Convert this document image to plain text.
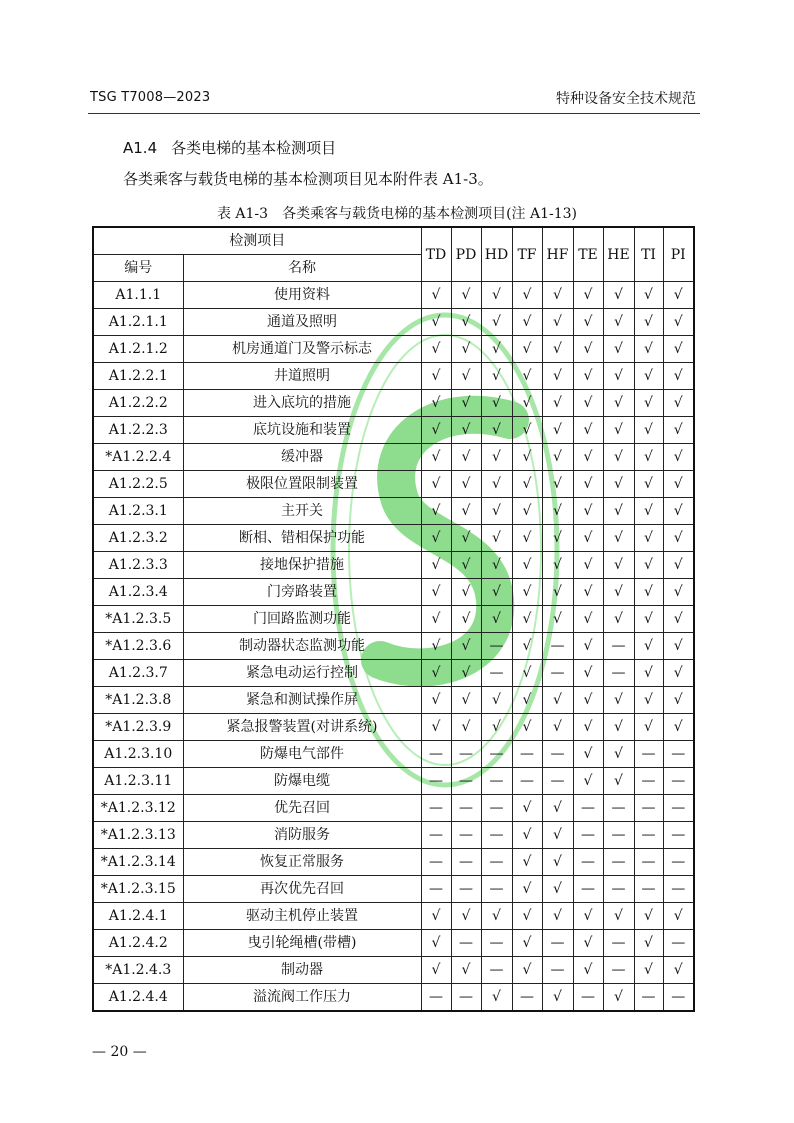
TSG T7008—2023	特种设备安全技术规范
A1.4 各类电梯的基本检测项目
各类乘客与载货电梯的基本检测项目见本附件表 A1-3。
表 A1-3　各类乘客与载货电梯的基本检测项目(注 A1-13)
检测项目		TD	PD	HD	TF	HF	TE	HE	TI	PI
编号	名称									
A1.1.1	使用资料	√	√	√	√	√	√	√	√	√
A1.2.1.1	通道及照明	√	√	√	√	√	√	√	√	√
A1.2.1.2	机房通道门及警示标志	√	√	√	√	√	√	√	√	√
A1.2.2.1	井道照明	√	√	√	√	√	√	√	√	√
A1.2.2.2	进入底坑的措施	√	√	√	√	√	√	√	√	√
A1.2.2.3	底坑设施和装置	√	√	√	√	√	√	√	√	√
*A1.2.2.4	缓冲器	√	√	√	√	√	√	√	√	√
A1.2.2.5	极限位置限制装置	√	√	√	√	√	√	√	√	√
A1.2.3.1	主开关	√	√	√	√	√	√	√	√	√
A1.2.3.2	断相、错相保护功能	√	√	√	√	√	√	√	√	√
A1.2.3.3	接地保护措施	√	√	√	√	√	√	√	√	√
A1.2.3.4	门旁路装置	√	√	√	√	√	√	√	√	√
*A1.2.3.5	门回路监测功能	√	√	√	√	√	√	√	√	√
*A1.2.3.6	制动器状态监测功能	√	√	—	√	—	√	—	√	√
A1.2.3.7	紧急电动运行控制	√	√	—	√	—	√	—	√	√
*A1.2.3.8	紧急和测试操作屏	√	√	√	√	√	√	√	√	√
*A1.2.3.9	紧急报警装置(对讲系统)	√	√	√	√	√	√	√	√	√
A1.2.3.10	防爆电气部件	—	—	—	—	—	√	√	—	—
A1.2.3.11	防爆电缆	—	—	—	—	—	√	√	—	—
*A1.2.3.12	优先召回	—	—	—	√	√	—	—	—	—
*A1.2.3.13	消防服务	—	—	—	√	√	—	—	—	—
*A1.2.3.14	恢复正常服务	—	—	—	√	√	—	—	—	—
*A1.2.3.15	再次优先召回	—	—	—	√	√	—	—	—	—
A1.2.4.1	驱动主机停止装置	√	√	√	√	√	√	√	√	√
A1.2.4.2	曳引轮绳槽(带槽)	√	—	—	√	—	√	—	√	—
*A1.2.4.3	制动器	√	√	—	√	—	√	—	√	√
A1.2.4.4	溢流阀工作压力	—	—	√	—	√	—	√	—	—
— 20 —
